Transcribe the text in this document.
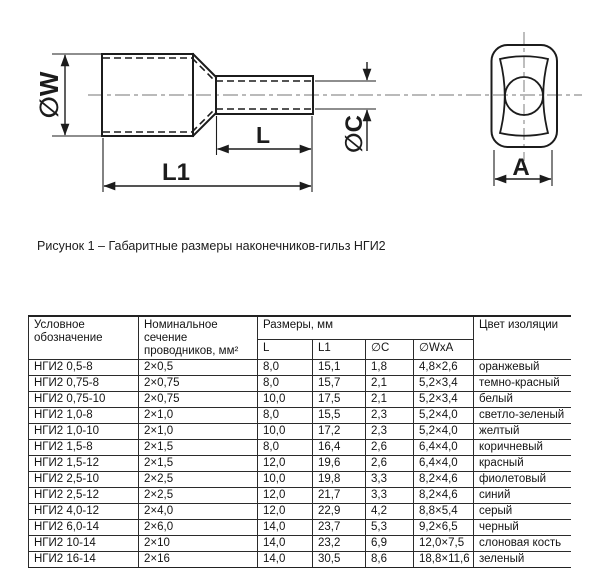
∅W
L
L1
∅C
A
Рисунок 1 – Габаритные размеры наконечников-гильз НГИ2
Условное обозначение	Номинальное сечение проводников, мм²	Размеры, мм				Цвет изоляции
		L	L1	∅C	∅WxA	
НГИ2 0,5-8	2×0,5	8,0	15,1	1,8	4,8×2,6	оранжевый
НГИ2 0,75-8	2×0,75	8,0	15,7	2,1	5,2×3,4	темно-красный
НГИ2 0,75-10	2×0,75	10,0	17,5	2,1	5,2×3,4	белый
НГИ2 1,0-8	2×1,0	8,0	15,5	2,3	5,2×4,0	светло-зеленый
НГИ2 1,0-10	2×1,0	10,0	17,2	2,3	5,2×4,0	желтый
НГИ2 1,5-8	2×1,5	8,0	16,4	2,6	6,4×4,0	коричневый
НГИ2 1,5-12	2×1,5	12,0	19,6	2,6	6,4×4,0	красный
НГИ2 2,5-10	2×2,5	10,0	19,8	3,3	8,2×4,6	фиолетовый
НГИ2 2,5-12	2×2,5	12,0	21,7	3,3	8,2×4,6	синий
НГИ2 4,0-12	2×4,0	12,0	22,9	4,2	8,8×5,4	серый
НГИ2 6,0-14	2×6,0	14,0	23,7	5,3	9,2×6,5	черный
НГИ2 10-14	2×10	14,0	23,2	6,9	12,0×7,5	слоновая кость
НГИ2 16-14	2×16	14,0	30,5	8,6	18,8×11,6	зеленый
